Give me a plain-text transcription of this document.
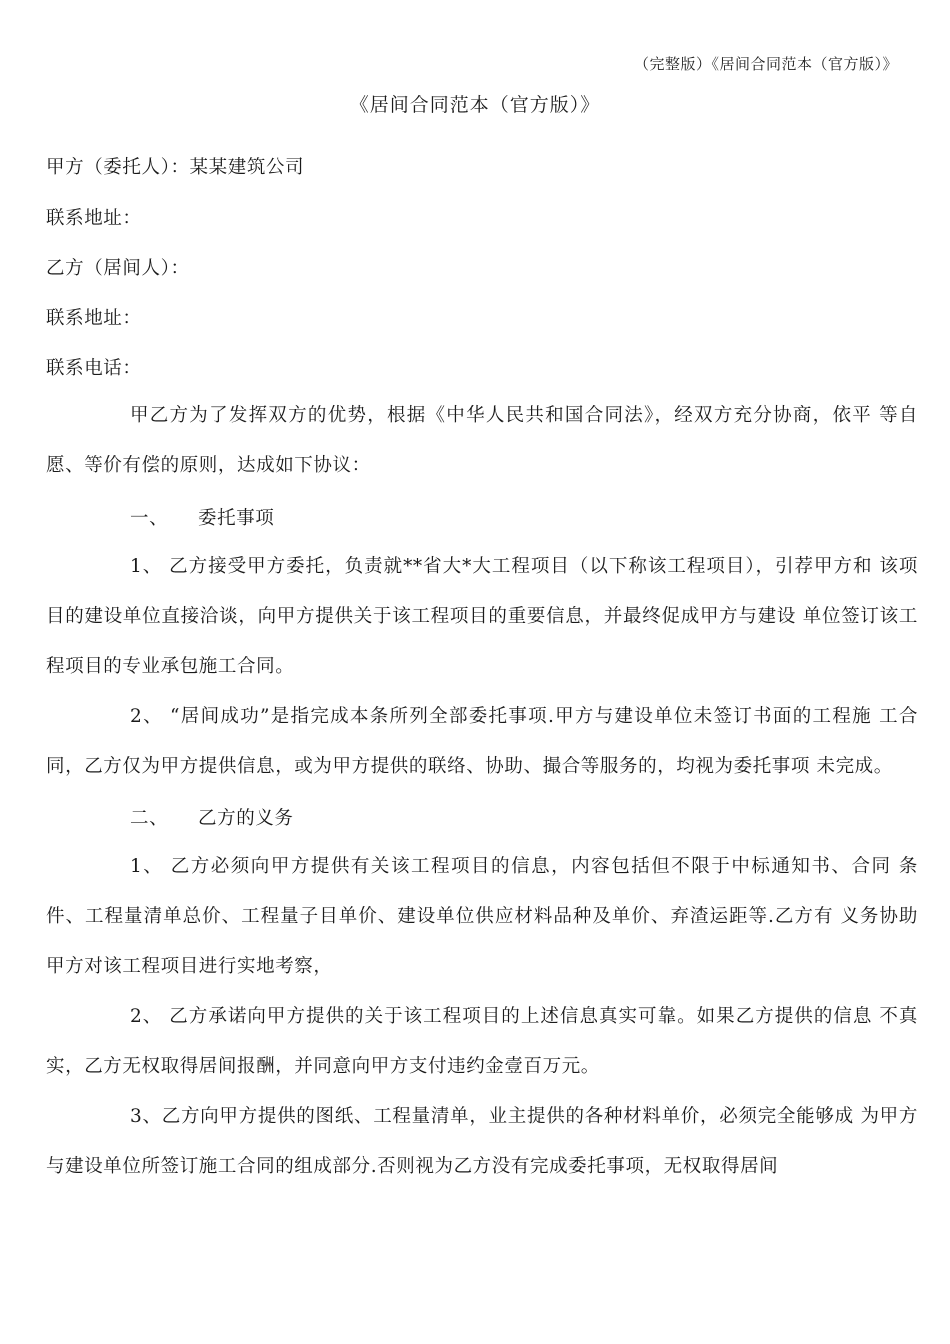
（完整版）《居间合同范本（官方版）》
《居间合同范本（官方版）》
甲方（委托人）：某某建筑公司
联系地址：
乙方（居间人）：
联系地址：
联系电话：
甲乙方为了发挥双方的优势，根据《中华人民共和国合同法》，经双方充分协商，依平 等自愿、等价有偿的原则，达成如下协议：
一、 委托事项
1、 乙方接受甲方委托，负责就**省大*大工程项目（以下称该工程项目），引荐甲方和 该项目的建设单位直接洽谈，向甲方提供关于该工程项目的重要信息，并最终促成甲方与建设 单位签订该工程项目的专业承包施工合同。
2、 “居间成功”是指完成本条所列全部委托事项.甲方与建设单位未签订书面的工程施 工合同，乙方仅为甲方提供信息，或为甲方提供的联络、协助、撮合等服务的，均视为委托事项 未完成。
二、 乙方的义务
1、 乙方必须向甲方提供有关该工程项目的信息，内容包括但不限于中标通知书、合同 条件、工程量清单总价、工程量子目单价、建设单位供应材料品种及单价、弃渣运距等.乙方有 义务协助甲方对该工程项目进行实地考察，
2、 乙方承诺向甲方提供的关于该工程项目的上述信息真实可靠。如果乙方提供的信息 不真实，乙方无权取得居间报酬，并同意向甲方支付违约金壹百万元。
3、乙方向甲方提供的图纸、工程量清单，业主提供的各种材料单价，必须完全能够成 为甲方与建设单位所签订施工合同的组成部分.否则视为乙方没有完成委托事项，无权取得居间
